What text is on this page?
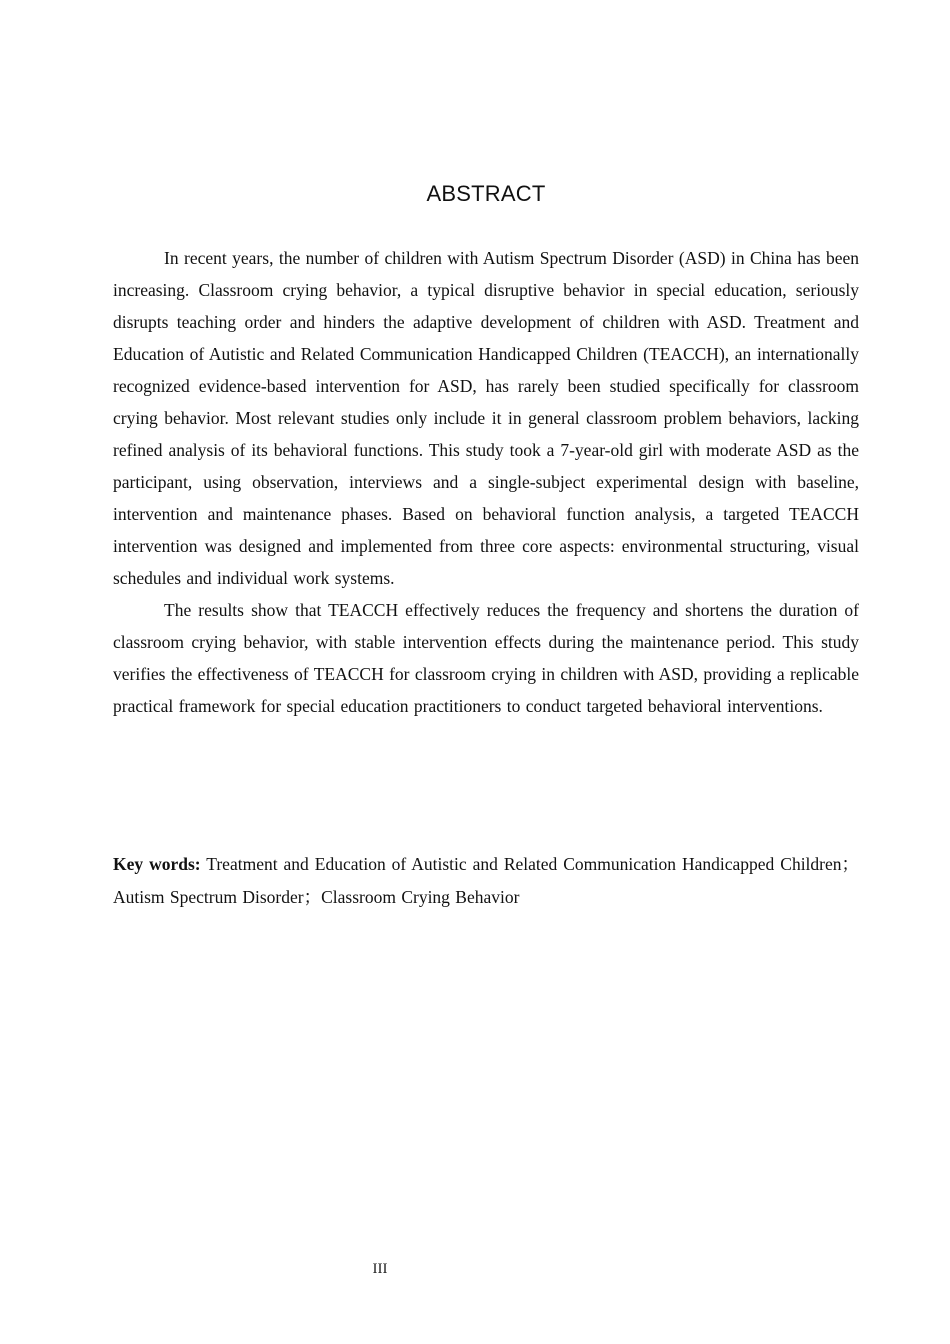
ABSTRACT

In recent years, the number of children with Autism Spectrum Disorder (ASD) in China has been increasing. Classroom crying behavior, a typical disruptive behavior in special education, seriously disrupts teaching order and hinders the adaptive development of children with ASD. Treatment and Education of Autistic and Related Communication Handicapped Children (TEACCH), an internationally recognized evidence-based intervention for ASD, has rarely been studied specifically for classroom crying behavior. Most relevant studies only include it in general classroom problem behaviors, lacking refined analysis of its behavioral functions. This study took a 7-year-old girl with moderate ASD as the participant, using observation, interviews and a single-subject experimental design with baseline, intervention and maintenance phases. Based on behavioral function analysis, a targeted TEACCH intervention was designed and implemented from three core aspects: environmental structuring, visual schedules and individual work systems.

The results show that TEACCH effectively reduces the frequency and shortens the duration of classroom crying behavior, with stable intervention effects during the maintenance period. This study verifies the effectiveness of TEACCH for classroom crying in children with ASD, providing a replicable practical framework for special education practitioners to conduct targeted behavioral interventions.

Key words: Treatment and Education of Autistic and Related Communication Handicapped Children；Autism Spectrum Disorder；Classroom Crying Behavior
III
